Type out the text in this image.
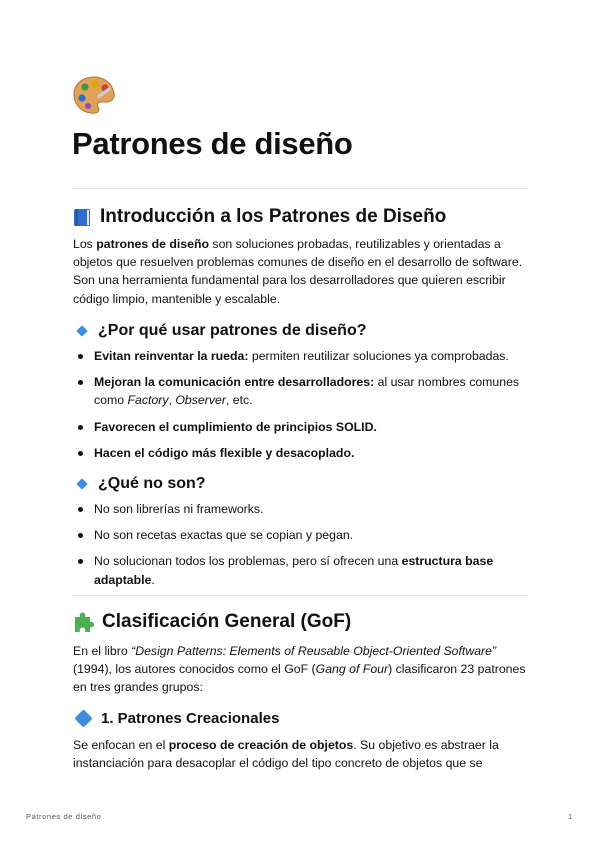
Patrones de diseño
Introducción a los Patrones de Diseño

Los patrones de diseño son soluciones probadas, reutilizables y orientadas a objetos que resuelven problemas comunes de diseño en el desarrollo de software. Son una herramienta fundamental para los desarrolladores que quieren escribir código limpio, mantenible y escalable.

¿Por qué usar patrones de diseño?
Evitan reinventar la rueda: permiten reutilizar soluciones ya comprobadas.
Mejoran la comunicación entre desarrolladores: al usar nombres comunes como Factory, Observer, etc.
Favorecen el cumplimiento de principios SOLID.
Hacen el código más flexible y desacoplado.
¿Qué no son?
No son librerías ni frameworks.
No son recetas exactas que se copian y pegan.
No solucionan todos los problemas, pero sí ofrecen una estructura base adaptable.
Clasificación General (GoF)

En el libro “Design Patterns: Elements of Reusable Object-Oriented Software” (1994), los autores conocidos como el GoF (Gang of Four) clasificaron 23 patrones en tres grandes grupos:

1. Patrones Creacionales

Se enfocan en el proceso de creación de objetos. Su objetivo es abstraer la instanciación para desacoplar el código del tipo concreto de objetos que se

Patrones de diseño	1
